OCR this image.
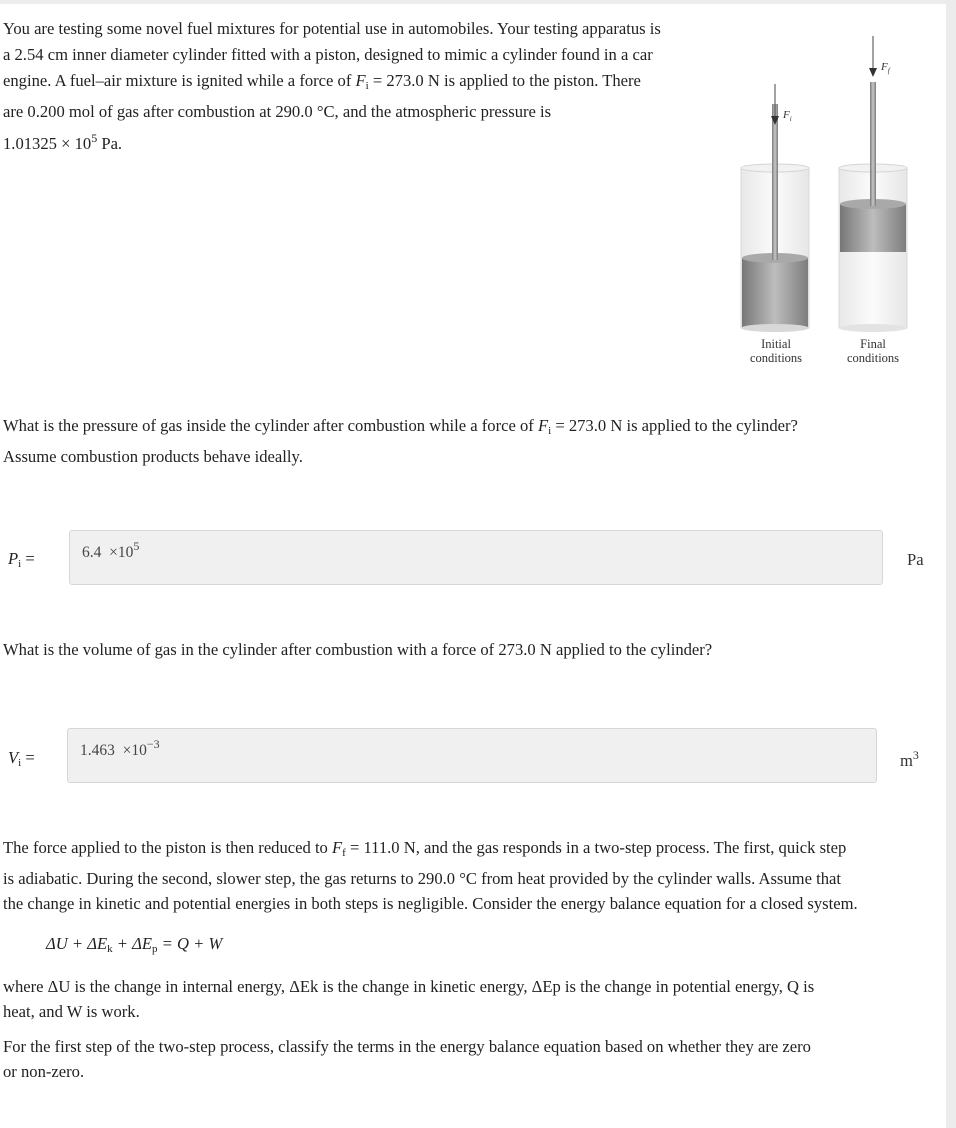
You are testing some novel fuel mixtures for potential use in automobiles. Your testing apparatus is

a 2.54 cm inner diameter cylinder fitted with a piston, designed to mimic a cylinder found in a car

engine. A fuel–air mixture is ignited while a force of $F_i = 273.0$ N is applied to the piston. There

are 0.200 mol of gas after combustion at 290.0 °C, and the atmospheric pressure is

$1.01325 \times 10^5$ Pa.

$F_i$
$F_f$
Initial
conditions
Final
conditions

What is the pressure of gas inside the cylinder after combustion while a force of $F_i = 273.0$ N is applied to the cylinder?

Assume combustion products behave ideally.

$P_i$ =	$6.4 \times 10^5$
Pa

What is the volume of gas in the cylinder after combustion with a force of 273.0 N applied to the cylinder?

$V_i$ =	$1.463 \times 10^{-3}$
$m^3$

The force applied to the piston is then reduced to $F_f = 111.0$ N, and the gas responds in a two-step process. The first, quick step

is adiabatic. During the second, slower step, the gas returns to 290.0 °C from heat provided by the cylinder walls. Assume that

the change in kinetic and potential energies in both steps is negligible. Consider the energy balance equation for a closed system.

$\Delta U + \Delta E_k + \Delta E_p = Q + W$

where ΔU is the change in internal energy, ΔEk is the change in kinetic energy, ΔEp is the change in potential energy, Q is

heat, and W is work.

For the first step of the two-step process, classify the terms in the energy balance equation based on whether they are zero

or non-zero.
